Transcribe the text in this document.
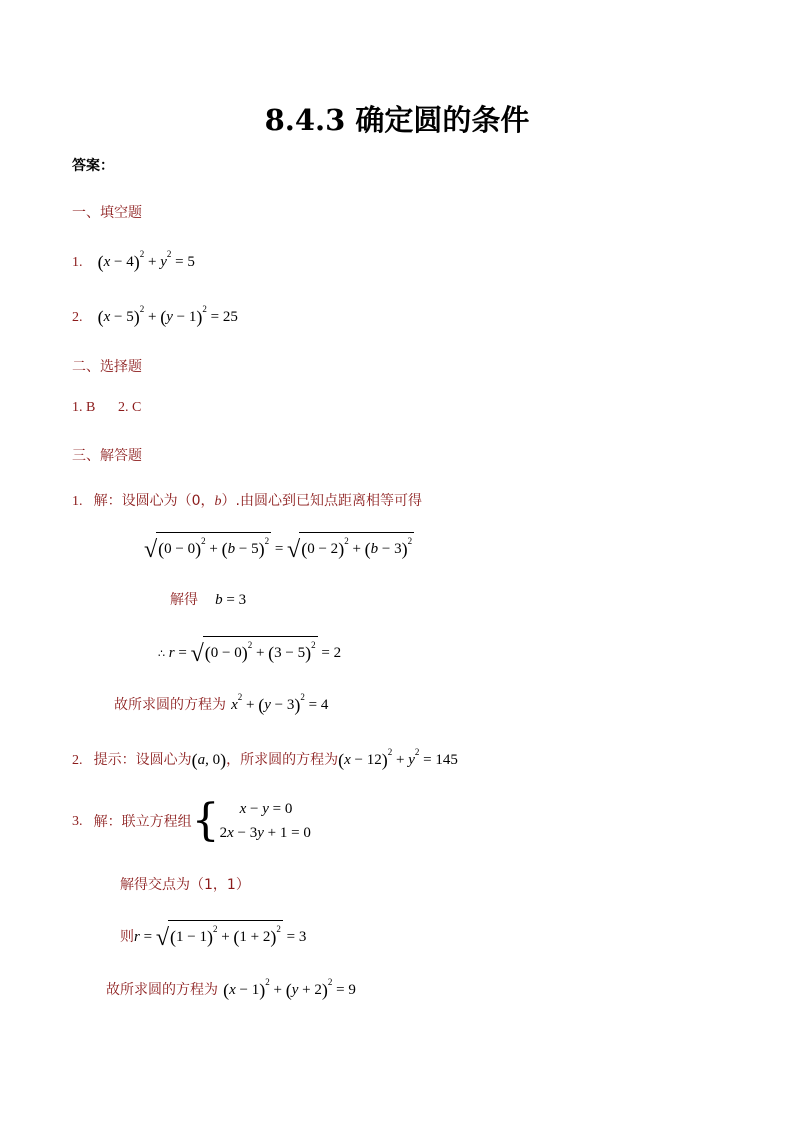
8.4.3 确定圆的条件
答案：
一、填空题
1. $(x - 4)^2 + y^2 = 5$
2. $(x - 5)^2 + (y - 1)^2 = 25$
二、选择题
1. B 2. C
三、解答题
1. 解：设圆心为（0，b）.由圆心到已知点距离相等可得
$√(0 - 0)^2 + (b - 5)^2 = √(0 - 2)^2 + (b - 3)^2$
解得 b = 3
∴ $r = √(0 - 0)^2 + (3 - 5)^2 = 2$
故所求圆的方程为 $x^2 + (y - 3)^2 = 4$
2. 提示：设圆心为(a, 0)，所求圆的方程为$(x - 12)^2 + y^2 = 145$
3. 解：联立方程组{	x − y = 0
2x − 3y + 1 = 0
解得交点为（1，1）
则$r = √(1 - 1)^2 + (1 + 2)^2 = 3$
故所求圆的方程为 $(x - 1)^2 + (y + 2)^2 = 9$
